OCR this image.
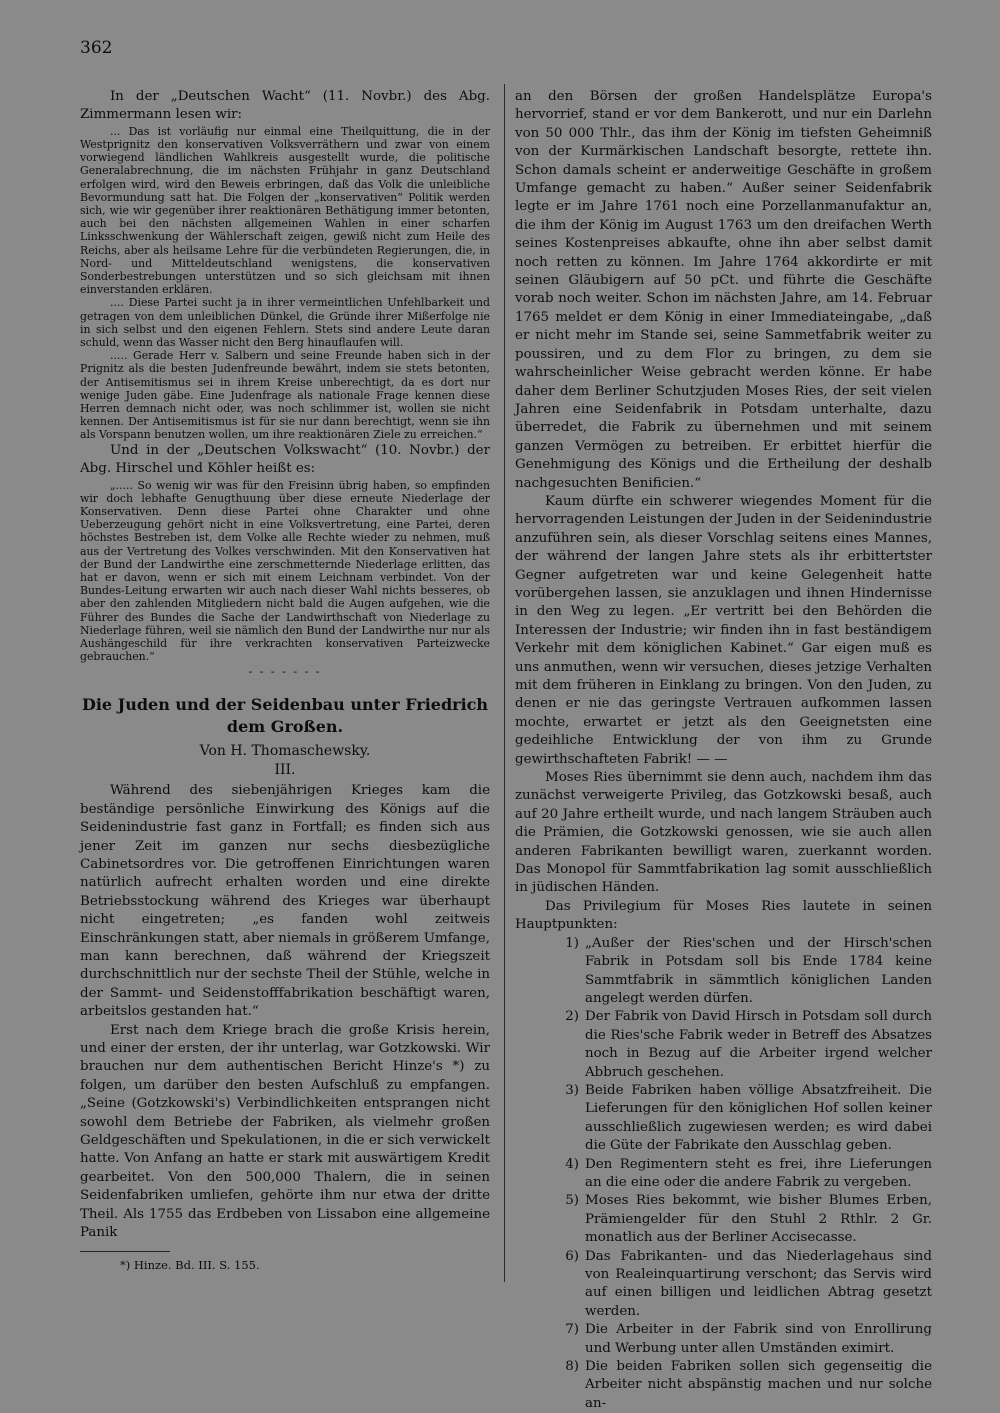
362

In der „Deutschen Wacht“ (11. Novbr.) des Abg. Zimmermann lesen wir:

... Das ist vorläufig nur einmal eine Theilquittung, die in der Westprignitz den konservativen Volksverräthern und zwar von einem vorwiegend ländlichen Wahlkreis ausgestellt wurde, die politische Generalabrechnung, die im nächsten Frühjahr in ganz Deutschland erfolgen wird, wird den Beweis erbringen, daß das Volk die unleibliche Bevormundung satt hat. Die Folgen der „konservativen“ Politik werden sich, wie wir gegenüber ihrer reaktionären Bethätigung immer betonten, auch bei den nächsten allgemeinen Wahlen in einer scharfen Linksschwenkung der Wählerschaft zeigen, gewiß nicht zum Heile des Reichs, aber als heilsame Lehre für die verbündeten Regierungen, die, in Nord- und Mitteldeutschland wenigstens, die konservativen Sonderbestrebungen unterstützen und so sich gleichsam mit ihnen einverstanden erklären.

.... Diese Partei sucht ja in ihrer vermeintlichen Unfehlbarkeit und getragen von dem unleiblichen Dünkel, die Gründe ihrer Mißerfolge nie in sich selbst und den eigenen Fehlern. Stets sind andere Leute daran schuld, wenn das Wasser nicht den Berg hinauflaufen will.

..... Gerade Herr v. Salbern und seine Freunde haben sich in der Prignitz als die besten Judenfreunde bewährt, indem sie stets betonten, der Antisemitismus sei in ihrem Kreise unberechtigt, da es dort nur wenige Juden gäbe. Eine Judenfrage als nationale Frage kennen diese Herren demnach nicht oder, was noch schlimmer ist, wollen sie nicht kennen. Der Antisemitismus ist für sie nur dann berechtigt, wenn sie ihn als Vorspann benutzen wollen, um ihre reaktionären Ziele zu erreichen.“

Und in der „Deutschen Volkswacht“ (10. Novbr.) der Abg. Hirschel und Köhler heißt es:

„..... So wenig wir was für den Freisinn übrig haben, so empfinden wir doch lebhafte Genugthuung über diese erneute Niederlage der Konservativen. Denn diese Partei ohne Charakter und ohne Ueberzeugung gehört nicht in eine Volksvertretung, eine Partei, deren höchstes Bestreben ist, dem Volke alle Rechte wieder zu nehmen, muß aus der Vertretung des Volkes verschwinden. Mit den Konservativen hat der Bund der Landwirthe eine zerschmetternde Niederlage erlitten, das hat er davon, wenn er sich mit einem Leichnam verbindet. Von der Bundes-Leitung erwarten wir auch nach dieser Wahl nichts besseres, ob aber den zahlenden Mitgliedern nicht bald die Augen aufgehen, wie die Führer des Bundes die Sache der Landwirthschaft von Niederlage zu Niederlage führen, weil sie nämlich den Bund der Landwirthe nur nur als Aushängeschild für ihre verkrachten konservativen Parteizwecke gebrauchen.“

- - - - - - -
Die Juden und der Seidenbau unter Friedrich dem Großen.
Von H. Thomaschewsky.
III.

Während des siebenjährigen Krieges kam die beständige persönliche Einwirkung des Königs auf die Seidenindustrie fast ganz in Fortfall; es finden sich aus jener Zeit im ganzen nur sechs diesbezügliche Cabinetsordres vor. Die getroffenen Einrichtungen waren natürlich aufrecht erhalten worden und eine direkte Betriebsstockung während des Krieges war überhaupt nicht eingetreten; „es fanden wohl zeitweis Einschränkungen statt, aber niemals in größerem Umfange, man kann berechnen, daß während der Kriegszeit durchschnittlich nur der sechste Theil der Stühle, welche in der Sammt- und Seidenstofffabrikation beschäftigt waren, arbeitslos gestanden hat.“

Erst nach dem Kriege brach die große Krisis herein, und einer der ersten, der ihr unterlag, war Gotzkowski. Wir brauchen nur dem authentischen Bericht Hinze's *) zu folgen, um darüber den besten Aufschluß zu empfangen. „Seine (Gotzkowski's) Verbindlichkeiten entsprangen nicht sowohl dem Betriebe der Fabriken, als vielmehr großen Geldgeschäften und Spekulationen, in die er sich verwickelt hatte. Von Anfang an hatte er stark mit auswärtigem Kredit gearbeitet. Von den 500,000 Thalern, die in seinen Seidenfabriken umliefen, gehörte ihm nur etwa der dritte Theil. Als 1755 das Erdbeben von Lissabon eine allgemeine Panik

*) Hinze. Bd. III. S. 155.

an den Börsen der großen Handelsplätze Europa's hervorrief, stand er vor dem Bankerott, und nur ein Darlehn von 50 000 Thlr., das ihm der König im tiefsten Geheimniß von der Kurmärkischen Landschaft besorgte, rettete ihn. Schon damals scheint er anderweitige Geschäfte in großem Umfange gemacht zu haben.“ Außer seiner Seidenfabrik legte er im Jahre 1761 noch eine Porzellanmanufaktur an, die ihm der König im August 1763 um den dreifachen Werth seines Kostenpreises abkaufte, ohne ihn aber selbst damit noch retten zu können. Im Jahre 1764 akkordirte er mit seinen Gläubigern auf 50 pCt. und führte die Geschäfte vorab noch weiter. Schon im nächsten Jahre, am 14. Februar 1765 meldet er dem König in einer Immediateingabe, „daß er nicht mehr im Stande sei, seine Sammetfabrik weiter zu poussiren, und zu dem Flor zu bringen, zu dem sie wahrscheinlicher Weise gebracht werden könne. Er habe daher dem Berliner Schutzjuden Moses Ries, der seit vielen Jahren eine Seidenfabrik in Potsdam unterhalte, dazu überredet, die Fabrik zu übernehmen und mit seinem ganzen Vermögen zu betreiben. Er erbittet hierfür die Genehmigung des Königs und die Ertheilung der deshalb nachgesuchten Benificien.“

Kaum dürfte ein schwerer wiegendes Moment für die hervorragenden Leistungen der Juden in der Seidenindustrie anzuführen sein, als dieser Vorschlag seitens eines Mannes, der während der langen Jahre stets als ihr erbittertster Gegner aufgetreten war und keine Gelegenheit hatte vorübergehen lassen, sie anzuklagen und ihnen Hindernisse in den Weg zu legen. „Er vertritt bei den Behörden die Interessen der Industrie; wir finden ihn in fast beständigem Verkehr mit dem königlichen Kabinet.“ Gar eigen muß es uns anmuthen, wenn wir versuchen, dieses jetzige Verhalten mit dem früheren in Einklang zu bringen. Von den Juden, zu denen er nie das geringste Vertrauen aufkommen lassen mochte, erwartet er jetzt als den Geeignetsten eine gedeihliche Entwicklung der von ihm zu Grunde gewirthschafteten Fabrik! — —

Moses Ries übernimmt sie denn auch, nachdem ihm das zunächst verweigerte Privileg, das Gotzkowski besaß, auch auf 20 Jahre ertheilt wurde, und nach langem Sträuben auch die Prämien, die Gotzkowski genossen, wie sie auch allen anderen Fabrikanten bewilligt waren, zuerkannt worden. Das Monopol für Sammtfabrikation lag somit ausschließlich in jüdischen Händen.

Das Privilegium für Moses Ries lautete in seinen Hauptpunkten:

1) „Außer der Ries'schen und der Hirsch'schen Fabrik in Potsdam soll bis Ende 1784 keine Sammtfabrik in sämmtlich königlichen Landen angelegt werden dürfen.
2) Der Fabrik von David Hirsch in Potsdam soll durch die Ries'sche Fabrik weder in Betreff des Absatzes noch in Bezug auf die Arbeiter irgend welcher Abbruch geschehen.
3) Beide Fabriken haben völlige Absatzfreiheit. Die Lieferungen für den königlichen Hof sollen keiner ausschließlich zugewiesen werden; es wird dabei die Güte der Fabrikate den Ausschlag geben.
4) Den Regimentern steht es frei, ihre Lieferungen an die eine oder die andere Fabrik zu vergeben.
5) Moses Ries bekommt, wie bisher Blumes Erben, Prämiengelder für den Stuhl 2 Rthlr. 2 Gr. monatlich aus der Berliner Accisecasse.
6) Das Fabrikanten- und das Niederlagehaus sind von Realeinquartirung verschont; das Servis wird auf einen billigen und leidlichen Abtrag gesetzt werden.
7) Die Arbeiter in der Fabrik sind von Enrollirung und Werbung unter allen Umständen eximirt.
8) Die beiden Fabriken sollen sich gegenseitig die Arbeiter nicht abspänstig machen und nur solche an-
